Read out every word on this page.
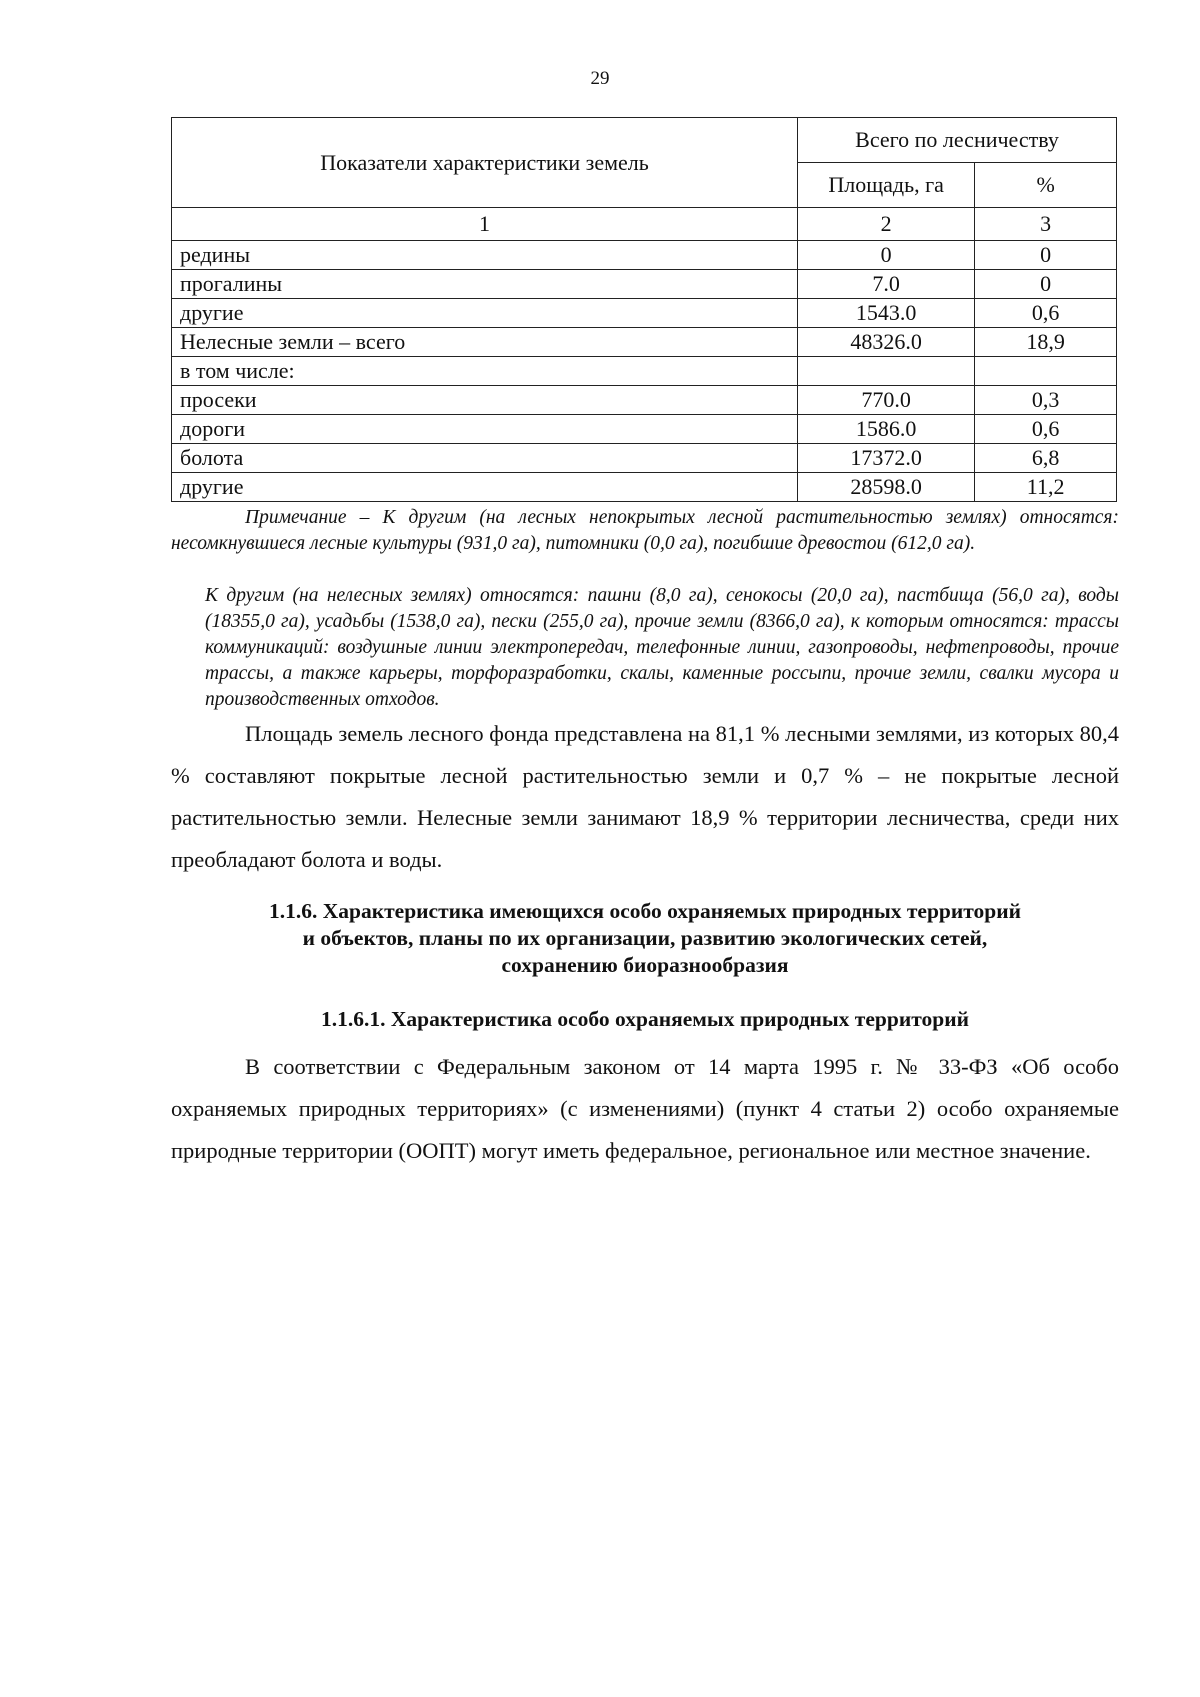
29
Показатели характеристики земель	Всего по лесничеству	
	Площадь, га	%
1	2	3
редины	0	0
прогалины	7.0	0
другие	1543.0	0,6
Нелесные земли – всего	48326.0	18,9
в том числе:		
просеки	770.0	0,3
дороги	1586.0	0,6
болота	17372.0	6,8
другие	28598.0	11,2
Примечание – К другим (на лесных непокрытых лесной растительностью землях) относятся: несомкнувшиеся лесные культуры (931,0 га), питомники (0,0 га), погибшие древостои (612,0 га).
К другим (на нелесных землях) относятся: пашни (8,0 га), сенокосы (20,0 га), пастбища (56,0 га), воды (18355,0 га), усадьбы (1538,0 га), пески (255,0 га), прочие земли (8366,0 га), к которым относятся: трассы коммуникаций: воздушные линии электропередач, телефонные линии, газопроводы, нефтепроводы, прочие трассы, а также карьеры, торфоразработки, скалы, каменные россыпи, прочие земли, свалки мусора и производственных отходов.
Площадь земель лесного фонда представлена на 81,1 % лесными землями, из которых 80,4 % составляют покрытые лесной растительностью земли и 0,7 % – не покрытые лесной растительностью земли. Нелесные земли занимают 18,9 % территории лесничества, среди них преобладают болота и воды.
1.1.6. Характеристика имеющихся особо охраняемых природных территорий
и объектов, планы по их организации, развитию экологических сетей,
сохранению биоразнообразия
1.1.6.1. Характеристика особо охраняемых природных территорий
В соответствии с Федеральным законом от 14 марта 1995 г. № 33-ФЗ «Об особо охраняемых природных территориях» (с изменениями) (пункт 4 статьи 2) особо охраняемые природные территории (ООПТ) могут иметь федеральное, региональное или местное значение.
